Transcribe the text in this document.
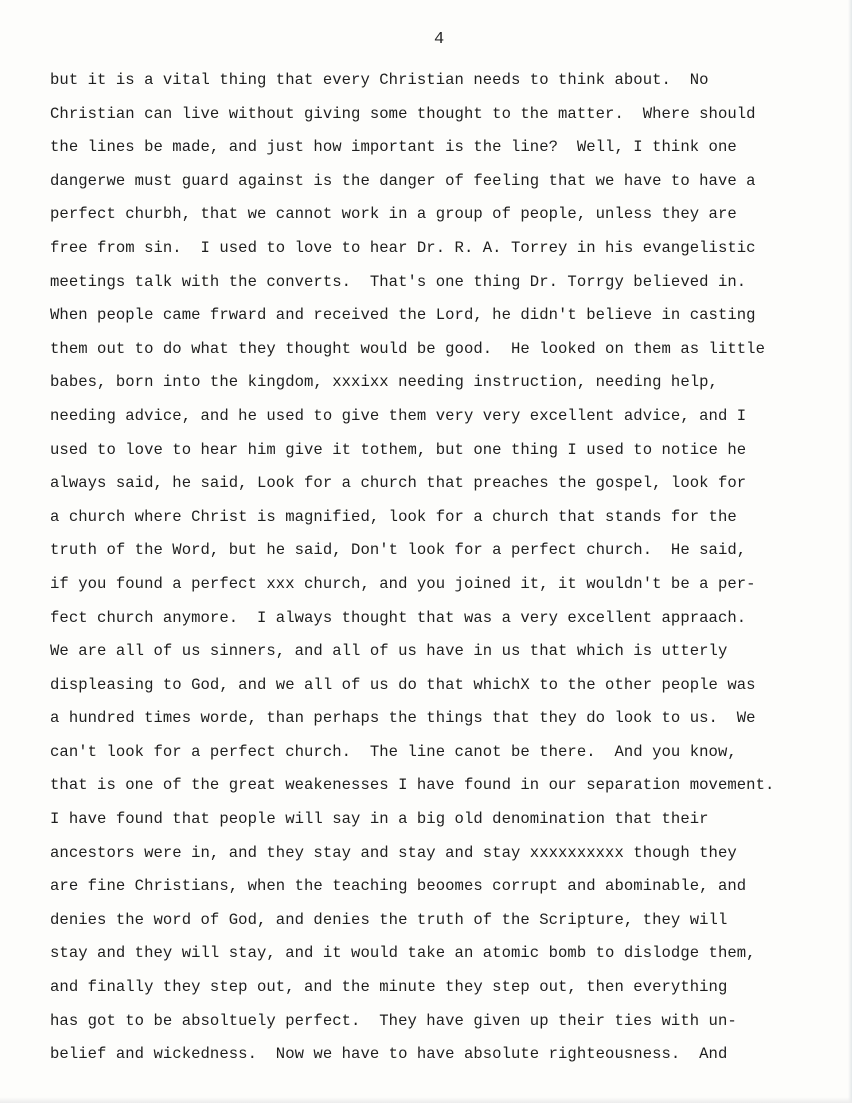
4
but it is a vital thing that every Christian needs to think about.  No
Christian can live without giving some thought to the matter.  Where should
the lines be made, and just how important is the line?  Well, I think one
dangerwe must guard against is the danger of feeling that we have to have a
perfect churbh, that we cannot work in a group of people, unless they are
free from sin.  I used to love to hear Dr. R. A. Torrey in his evangelistic
meetings talk with the converts.  That's one thing Dr. Torrgy believed in.
When people came frward and received the Lord, he didn't believe in casting
them out to do what they thought would be good.  He looked on them as little
babes, born into the kingdom, xxxixx needing instruction, needing help,
needing advice, and he used to give them very very excellent advice, and I
used to love to hear him give it tothem, but one thing I used to notice he
always said, he said, Look for a church that preaches the gospel, look for
a church where Christ is magnified, look for a church that stands for the
truth of the Word, but he said, Don't look for a perfect church.  He said,
if you found a perfect xxx church, and you joined it, it wouldn't be a per-
fect church anymore.  I always thought that was a very excellent appraach.
We are all of us sinners, and all of us have in us that which is utterly
displeasing to God, and we all of us do that whichX to the other people was
a hundred times worde, than perhaps the things that they do look to us.  We
can't look for a perfect church.  The line canot be there.  And you know,
that is one of the great weakenesses I have found in our separation movement.
I have found that people will say in a big old denomination that their
ancestors were in, and they stay and stay and stay xxxxxxxxxx though they
are fine Christians, when the teaching beoomes corrupt and abominable, and
denies the word of God, and denies the truth of the Scripture, they will
stay and they will stay, and it would take an atomic bomb to dislodge them,
and finally they step out, and the minute they step out, then everything
has got to be absoltuely perfect.  They have given up their ties with un-
belief and wickedness.  Now we have to have absolute righteousness.  And
